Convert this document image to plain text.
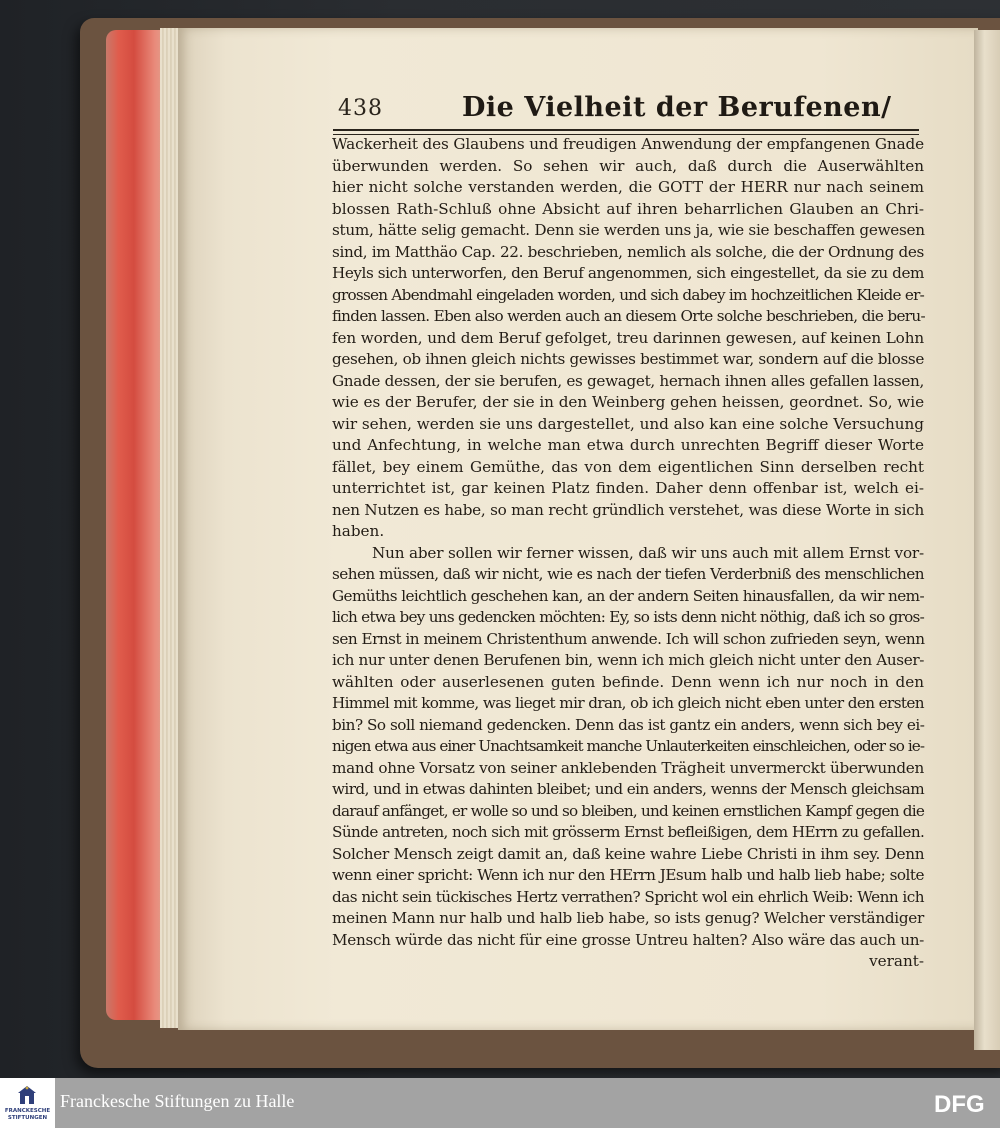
438	Die Vielheit der Berufenen/
Wackerheit des Glaubens und freudigen Anwendung der empfangenen Gnade
überwunden werden. So sehen wir auch, daß durch die Auserwählten
hier nicht solche verstanden werden, die GOTT der HERR nur nach seinem
blossen Rath-Schluß ohne Absicht auf ihren beharrlichen Glauben an Chri-
stum, hätte selig gemacht. Denn sie werden uns ja, wie sie beschaffen gewesen
sind, im Matthäo Cap. 22. beschrieben, nemlich als solche, die der Ordnung des
Heyls sich unterworfen, den Beruf angenommen, sich eingestellet, da sie zu dem
grossen Abendmahl eingeladen worden, und sich dabey im hochzeitlichen Kleide er-
finden lassen. Eben also werden auch an diesem Orte solche beschrieben, die beru-
fen worden, und dem Beruf gefolget, treu darinnen gewesen, auf keinen Lohn
gesehen, ob ihnen gleich nichts gewisses bestimmet war, sondern auf die blosse
Gnade dessen, der sie berufen, es gewaget, hernach ihnen alles gefallen lassen,
wie es der Berufer, der sie in den Weinberg gehen heissen, geordnet. So, wie
wir sehen, werden sie uns dargestellet, und also kan eine solche Versuchung
und Anfechtung, in welche man etwa durch unrechten Begriff dieser Worte
fället, bey einem Gemüthe, das von dem eigentlichen Sinn derselben recht
unterrichtet ist, gar keinen Platz finden. Daher denn offenbar ist, welch ei-
nen Nutzen es habe, so man recht gründlich verstehet, was diese Worte in sich
haben.
Nun aber sollen wir ferner wissen, daß wir uns auch mit allem Ernst vor-
sehen müssen, daß wir nicht, wie es nach der tiefen Verderbniß des menschlichen
Gemüths leichtlich geschehen kan, an der andern Seiten hinausfallen, da wir nem-
lich etwa bey uns gedencken möchten: Ey, so ists denn nicht nöthig, daß ich so gros-
sen Ernst in meinem Christenthum anwende. Ich will schon zufrieden seyn, wenn
ich nur unter denen Berufenen bin, wenn ich mich gleich nicht unter den Auser-
wählten oder auserlesenen guten befinde. Denn wenn ich nur noch in den
Himmel mit komme, was lieget mir dran, ob ich gleich nicht eben unter den ersten
bin? So soll niemand gedencken. Denn das ist gantz ein anders, wenn sich bey ei-
nigen etwa aus einer Unachtsamkeit manche Unlauterkeiten einschleichen, oder so ie-
mand ohne Vorsatz von seiner anklebenden Trägheit unvermerckt überwunden
wird, und in etwas dahinten bleibet; und ein anders, wenns der Mensch gleichsam
darauf anfänget, er wolle so und so bleiben, und keinen ernstlichen Kampf gegen die
Sünde antreten, noch sich mit grösserm Ernst befleißigen, dem HErrn zu gefallen.
Solcher Mensch zeigt damit an, daß keine wahre Liebe Christi in ihm sey. Denn
wenn einer spricht: Wenn ich nur den HErrn JEsum halb und halb lieb habe; solte
das nicht sein tückisches Hertz verrathen? Spricht wol ein ehrlich Weib: Wenn ich
meinen Mann nur halb und halb lieb habe, so ists genug? Welcher verständiger
Mensch würde das nicht für eine grosse Untreu halten? Also wäre das auch un-
verant-
FRANCKESCHE
STIFTUNGEN
Franckesche Stiftungen zu Halle	DFG
